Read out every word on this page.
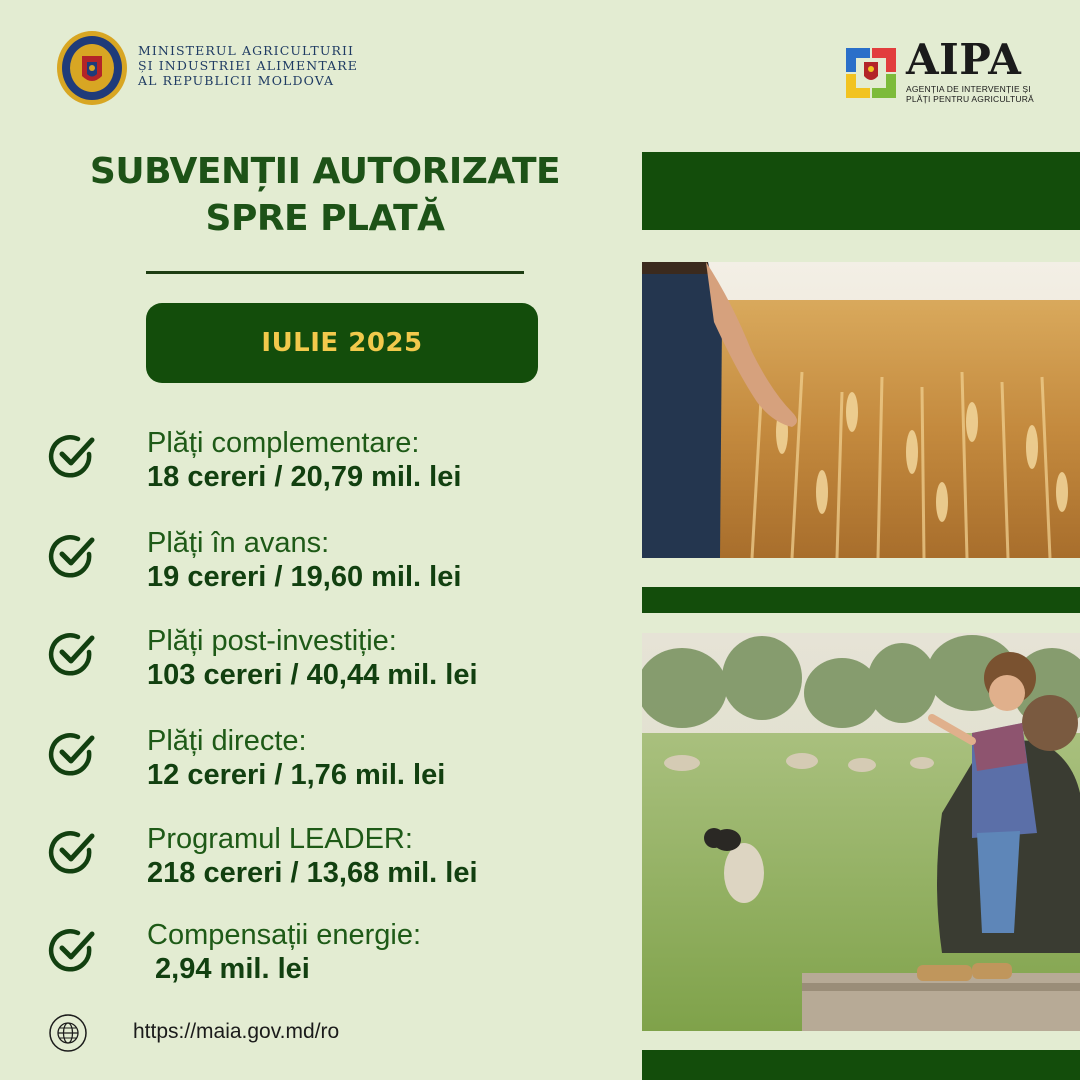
MINISTERUL AGRICULTURII
ȘI INDUSTRIEI ALIMENTARE
AL REPUBLICII MOLDOVA	AIPA
AGENȚIA DE INTERVENȚIE ȘI
PLĂȚI PENTRU AGRICULTURĂ
SUBVENȚII AUTORIZATE
SPRE PLATĂ
IULIE 2025
Plăți complementare:
18 cereri / 20,79 mil. lei
Plăți în avans:
19 cereri / 19,60 mil. lei
Plăți post-investiție:
103 cereri / 40,44 mil. lei
Plăți directe:
12 cereri / 1,76 mil. lei
Programul LEADER:
218 cereri / 13,68 mil. lei
Compensații energie:
2,94 mil. lei
https://maia.gov.md/ro
